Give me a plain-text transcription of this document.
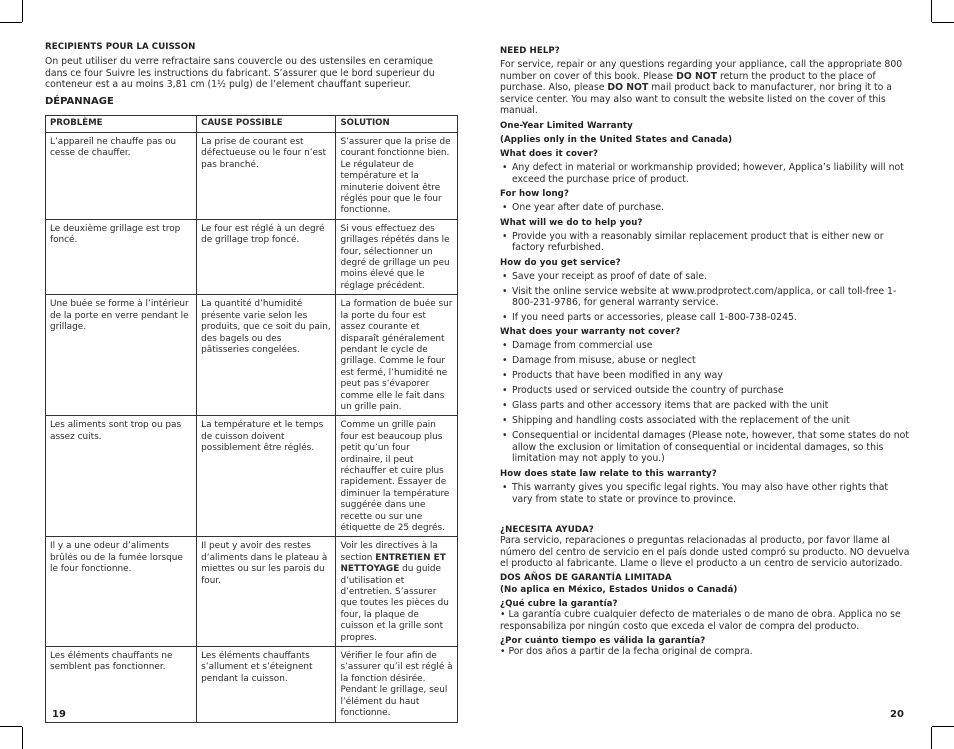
RECIPIENTS POUR LA CUISSON
On peut utiliser du verre refractaire sans couvercle ou des ustensiles en ceramique dans ce four Suivre les instructions du fabricant. S’assurer que le bord superieur du conteneur est a au moins 3,81 cm (1½ pulg) de l’element chauffant superieur.
DÉPANNAGE
PROBLÈME	CAUSE POSSIBLE	SOLUTION
L’appareil ne chauffe pas ou cesse de chauffer.	La prise de courant est défectueuse ou le four n’est pas branché.	S’assurer que la prise de courant fonctionne bien. Le régulateur de température et la minuterie doivent être réglés pour que le four fonctionne.
Le deuxième grillage est trop foncé.	Le four est réglé à un degré de grillage trop foncé.	Si vous effectuez des grillages répétés dans le four, sélectionner un degré de grillage un peu moins élevé que le réglage précédent.
Une buée se forme à l’intérieur de la porte en verre pendant le grillage.	La quantité d’humidité présente varie selon les produits, que ce soit du pain, des bagels ou des pâtisseries congelées.	La formation de buée sur la porte du four est assez courante et disparaît généralement pendant le cycle de grillage. Comme le four est fermé, l’humidité ne peut pas s’évaporer comme elle le fait dans un grille pain.
Les aliments sont trop ou pas assez cuits.	La température et le temps de cuisson doivent possiblement être réglés.	Comme un grille pain four est beaucoup plus petit qu’un four ordinaire, il peut réchauffer et cuire plus rapidement. Essayer de diminuer la température suggérée dans une recette ou sur une étiquette de 25 degrés.
Il y a une odeur d’aliments brûlés ou de la fumée lorsque le four fonctionne.	Il peut y avoir des restes d’aliments dans le plateau à miettes ou sur les parois du four.	Voir les directives à la section ENTRETIEN ET NETTOYAGE du guide d’utilisation et d’entretien. S’assurer que toutes les pièces du four, la plaque de cuisson et la grille sont propres.
Les éléments chauffants ne semblent pas fonctionner.	Les éléments chauffants s’allument et s’éteignent pendant la cuisson.	Vérifier le four afin de s’assurer qu’il est réglé à la fonction désirée. Pendant le grillage, seul l’élément du haut fonctionne.
19
NEED HELP?
For service, repair or any questions regarding your appliance, call the appropriate 800 number on cover of this book. Please DO NOT return the product to the place of purchase. Also, please DO NOT mail product back to manufacturer, nor bring it to a service center. You may also want to consult the website listed on the cover of this manual.
One-Year Limited Warranty
(Applies only in the United States and Canada)
What does it cover?
• Any defect in material or workmanship provided; however, Applica’s liability will not exceed the purchase price of product.
For how long?
• One year after date of purchase.
What will we do to help you?
• Provide you with a reasonably similar replacement product that is either new or factory refurbished.
How do you get service?
• Save your receipt as proof of date of sale.
• Visit the online service website at www.prodprotect.com/applica, or call toll-free 1-800-231-9786, for general warranty service.
• If you need parts or accessories, please call 1-800-738-0245.
What does your warranty not cover?
• Damage from commercial use
• Damage from misuse, abuse or neglect
• Products that have been modified in any way
• Products used or serviced outside the country of purchase
• Glass parts and other accessory items that are packed with the unit
• Shipping and handling costs associated with the replacement of the unit
• Consequential or incidental damages (Please note, however, that some states do not allow the exclusion or limitation of consequential or incidental damages, so this limitation may not apply to you.)
How does state law relate to this warranty?
• This warranty gives you specific legal rights. You may also have other rights that vary from state to state or province to province.
¿NECESITA AYUDA?
Para servicio, reparaciones o preguntas relacionadas al producto, por favor llame al número del centro de servicio en el país donde usted compró su producto. NO devuelva el producto al fabricante. Llame o lleve el producto a un centro de servicio autorizado.
DOS AÑOS DE GARANTÍA LIMITADA
(No aplica en México, Estados Unidos o Canadá)
¿Qué cubre la garantía?
• La garantía cubre cualquier defecto de materiales o de mano de obra. Applica no se responsabiliza por ningún costo que exceda el valor de compra del producto.
¿Por cuánto tiempo es válida la garantía?
• Por dos años a partir de la fecha original de compra.
20
